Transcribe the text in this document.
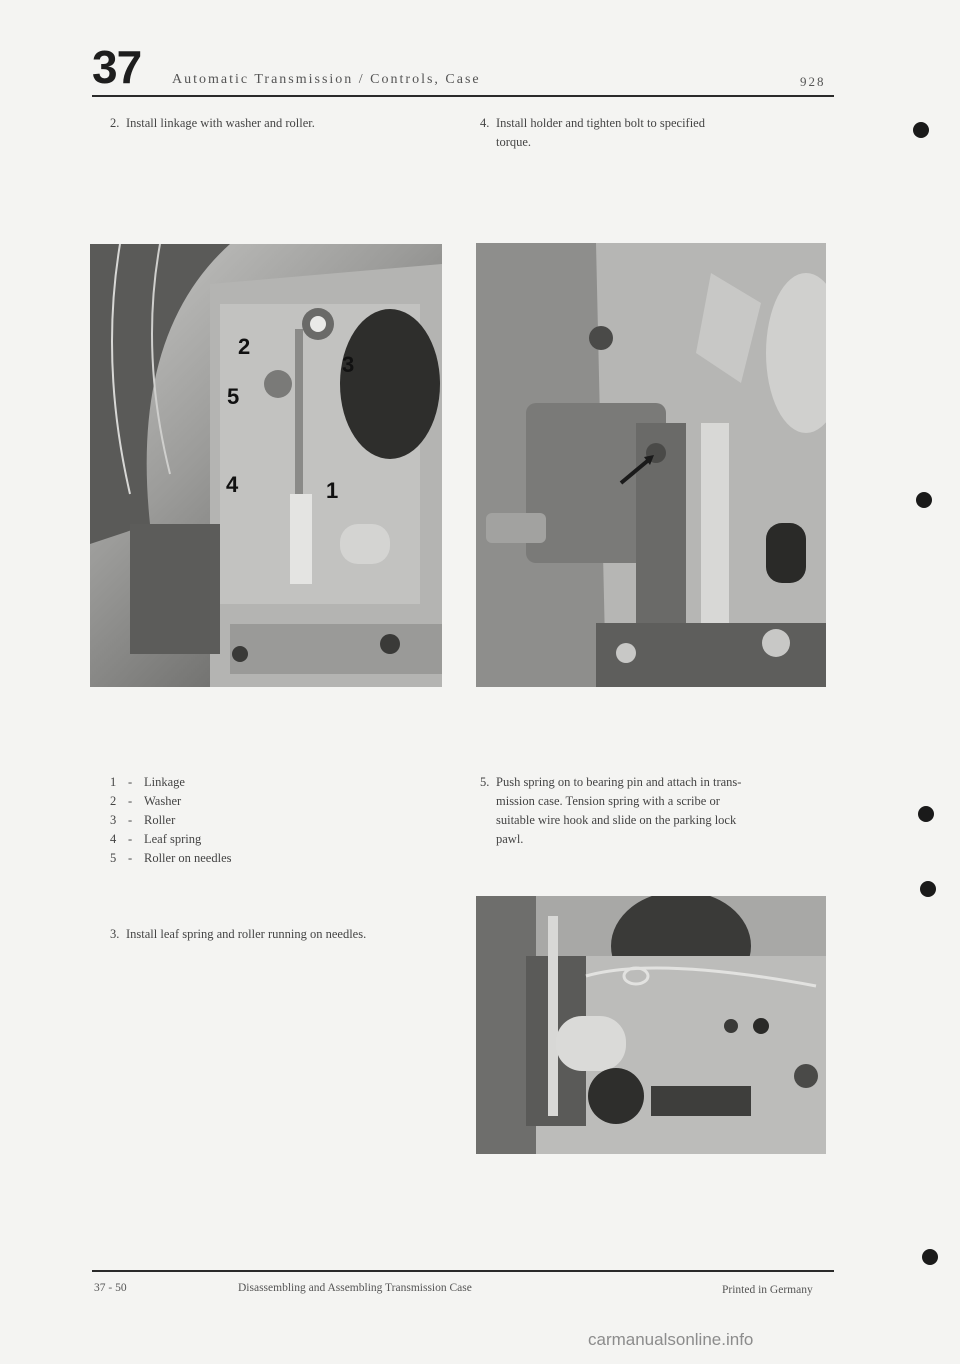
37 Automatic Transmission / Controls, Case	928
2. Install linkage with washer and roller.	4. Install holder and tighten bolt to specified
torque.
2
3
5
4	1
1 - Linkage
2 - Washer
3 - Roller
4 - Leaf spring
5 - Roller on needles
3. Install leaf spring and roller running on needles.
5. Push spring on to bearing pin and attach in trans-
mission case. Tension spring with a scribe or
suitable wire hook and slide on the parking lock
pawl.
37 - 50	Disassembling and Assembling Transmission Case	Printed in Germany
carmanualsonline.info
